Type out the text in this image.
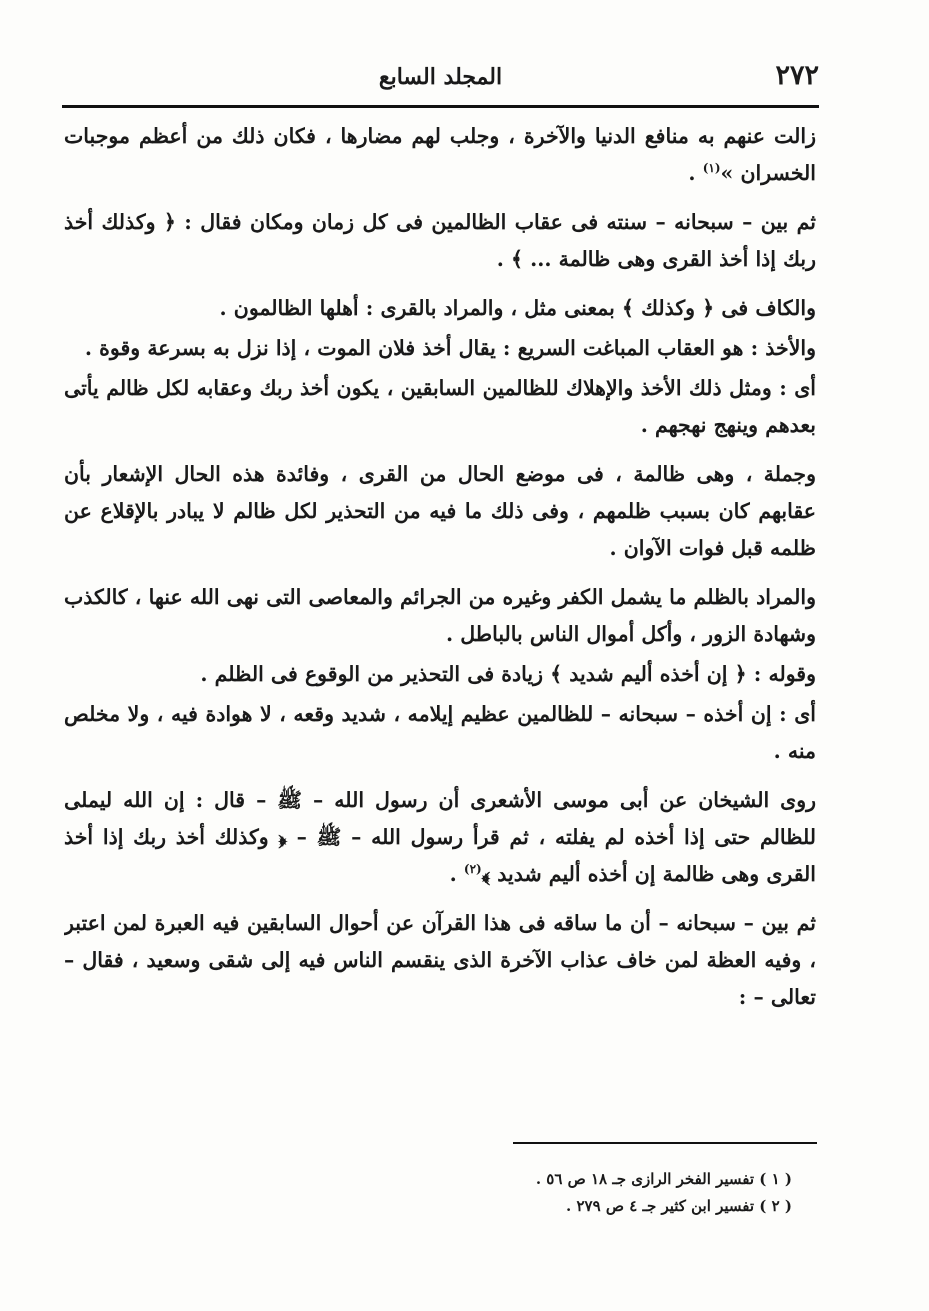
٢٧٢
المجلد السابع

زالت عنهم به منافع الدنيا والآخرة ، وجلب لهم مضارها ، فكان ذلك من أعظم موجبات الخسران »$^{(١)}$ .

ثم بين – سبحانه – سنته فى عقاب الظالمين فى كل زمان ومكان فقال : ﴿ وكذلك أخذ ربك إذا أخذ القرى وهى ظالمة ... ﴾ .

والكاف فى ﴿ وكذلك ﴾ بمعنى مثل ، والمراد بالقرى : أهلها الظالمون .

والأخذ : هو العقاب المباغت السريع : يقال أخذ فلان الموت ، إذا نزل به بسرعة وقوة .

أى : ومثل ذلك الأخذ والإهلاك للظالمين السابقين ، يكون أخذ ربك وعقابه لكل ظالم يأتى بعدهم وينهج نهجهم .

وجملة ، وهى ظالمة ، فى موضع الحال من القرى ، وفائدة هذه الحال الإشعار بأن عقابهم كان بسبب ظلمهم ، وفى ذلك ما فيه من التحذير لكل ظالم لا يبادر بالإقلاع عن ظلمه قبل فوات الآوان .

والمراد بالظلم ما يشمل الكفر وغيره من الجرائم والمعاصى التى نهى الله عنها ، كالكذب وشهادة الزور ، وأكل أموال الناس بالباطل .

وقوله : ﴿ إن أخذه أليم شديد ﴾ زيادة فى التحذير من الوقوع فى الظلم .

أى : إن أخذه – سبحانه – للظالمين عظيم إيلامه ، شديد وقعه ، لا هوادة فيه ، ولا مخلص منه .

روى الشيخان عن أبى موسى الأشعرى أن رسول الله – ﷺ – قال : إن الله ليملى للظالم حتى إذا أخذه لم يفلته ، ثم قرأ رسول الله – ﷺ – ﴿ وكذلك أخذ ربك إذا أخذ القرى وهى ظالمة إن أخذه أليم شديد ﴾$^{(٢)}$ .

ثم بين – سبحانه – أن ما ساقه فى هذا القرآن عن أحوال السابقين فيه العبرة لمن اعتبر ، وفيه العظة لمن خاف عذاب الآخرة الذى ينقسم الناس فيه إلى شقى وسعيد ، فقال – تعالى – :

( ١ ) تفسير الفخر الرازى جـ ١٨ ص ٥٦ .
( ٢ ) تفسير ابن كثير جـ ٤ ص ٢٧٩ .
